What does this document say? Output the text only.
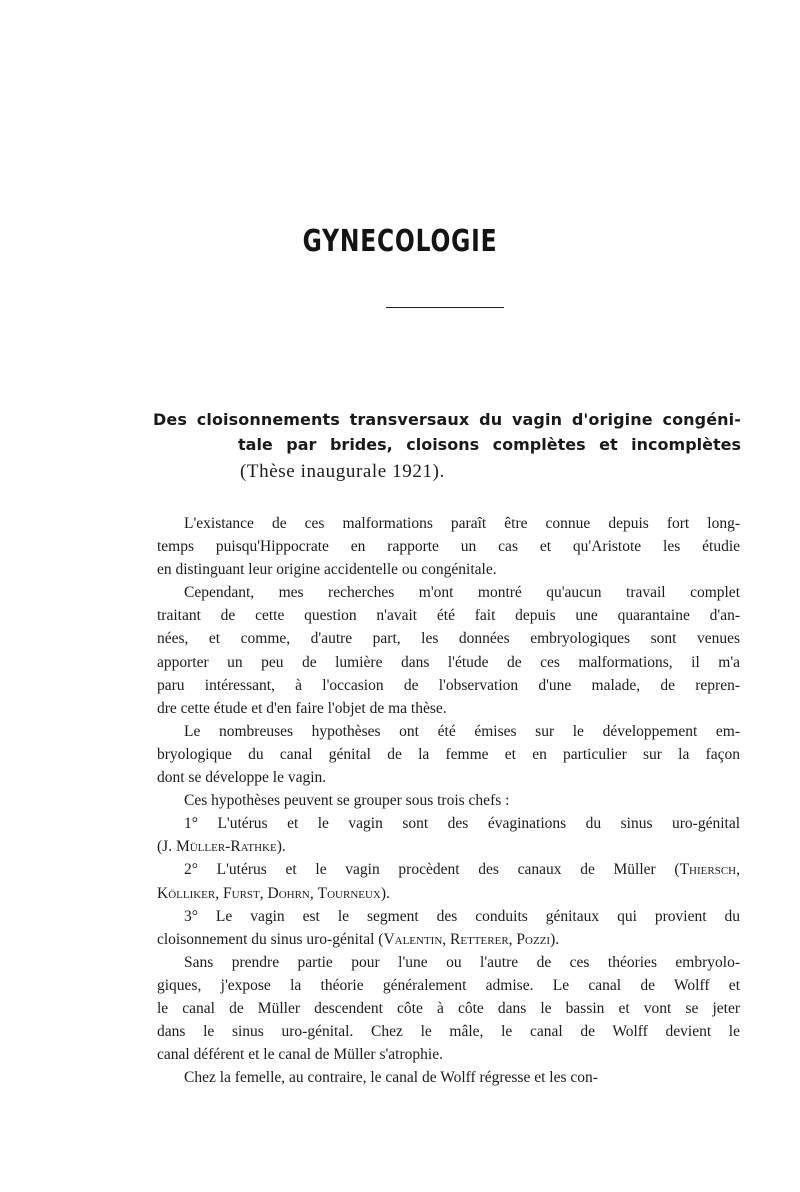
GYNECOLOGIE
Des cloisonnements transversaux du vagin d'origine congéni-
tale par brides, cloisons complètes et incomplètes
(Thèse inaugurale 1921).

L'existance de ces malformations paraît être connue depuis fort long-
temps puisqu'Hippocrate en rapporte un cas et qu'Aristote les étudie
en distinguant leur origine accidentelle ou congénitale.

Cependant, mes recherches m'ont montré qu'aucun travail complet
traitant de cette question n'avait été fait depuis une quarantaine d'an-
nées, et comme, d'autre part, les données embryologiques sont venues
apporter un peu de lumière dans l'étude de ces malformations, il m'a
paru intéressant, à l'occasion de l'observation d'une malade, de repren-
dre cette étude et d'en faire l'objet de ma thèse.

Le nombreuses hypothèses ont été émises sur le développement em-
bryologique du canal génital de la femme et en particulier sur la façon
dont se développe le vagin.

Ces hypothèses peuvent se grouper sous trois chefs :

1° L'utérus et le vagin sont des évaginations du sinus uro-génital
(J. Müller-Rathke).

2° L'utérus et le vagin procèdent des canaux de Müller (Thiersch,
Kölliker, Furst, Dohrn, Tourneux).

3° Le vagin est le segment des conduits génitaux qui provient du
cloisonnement du sinus uro-génital (Valentin, Retterer, Pozzi).

Sans prendre partie pour l'une ou l'autre de ces théories embryolo-
giques, j'expose la théorie généralement admise. Le canal de Wolff et
le canal de Müller descendent côte à côte dans le bassin et vont se jeter
dans le sinus uro-génital. Chez le mâle, le canal de Wolff devient le
canal déférent et le canal de Müller s'atrophie.

Chez la femelle, au contraire, le canal de Wolff régresse et les con-
